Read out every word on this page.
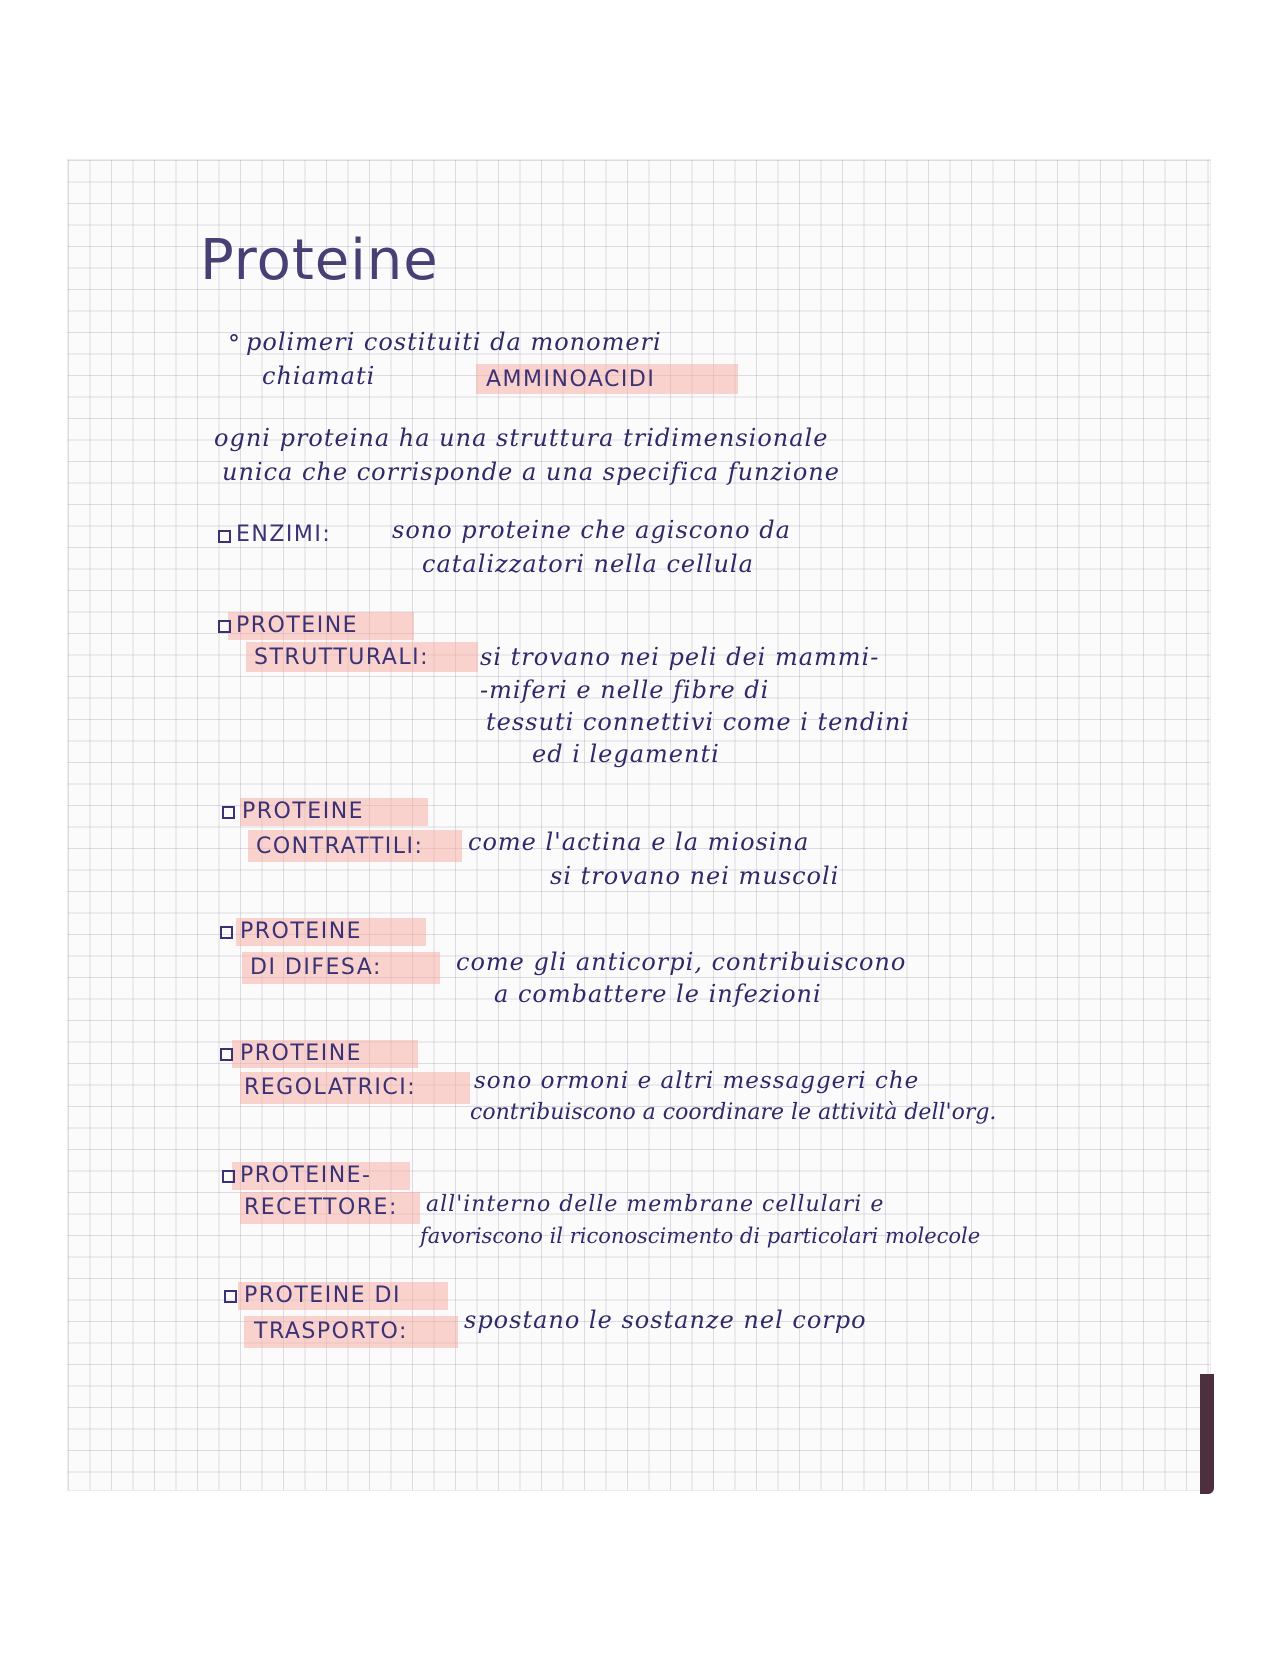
Proteine
° polimeri costituiti da monomeri
chiamati	AMMINOACIDI
ogni proteina ha una struttura tridimensionale
unica che corrisponde a una specifica funzione
ENZIMI:	sono proteine che agiscono da
catalizzatori nella cellula
PROTEINE
STRUTTURALI: si trovano nei peli dei mammi-
-miferi e nelle fibre di
tessuti connettivi come i tendini
ed i legamenti
PROTEINE
CONTRATTILI: come l'actina e la miosina
si trovano nei muscoli
PROTEINE
DI DIFESA:	come gli anticorpi, contribuiscono
a combattere le infezioni
PROTEINE
REGOLATRICI:	sono ormoni e altri messaggeri che
contribuiscono a coordinare le attività dell'org.
PROTEINE-
RECETTORE: all'interno delle membrane cellulari e
favoriscono il riconoscimento di particolari molecole
PROTEINE DI
TRASPORTO: spostano le sostanze nel corpo
